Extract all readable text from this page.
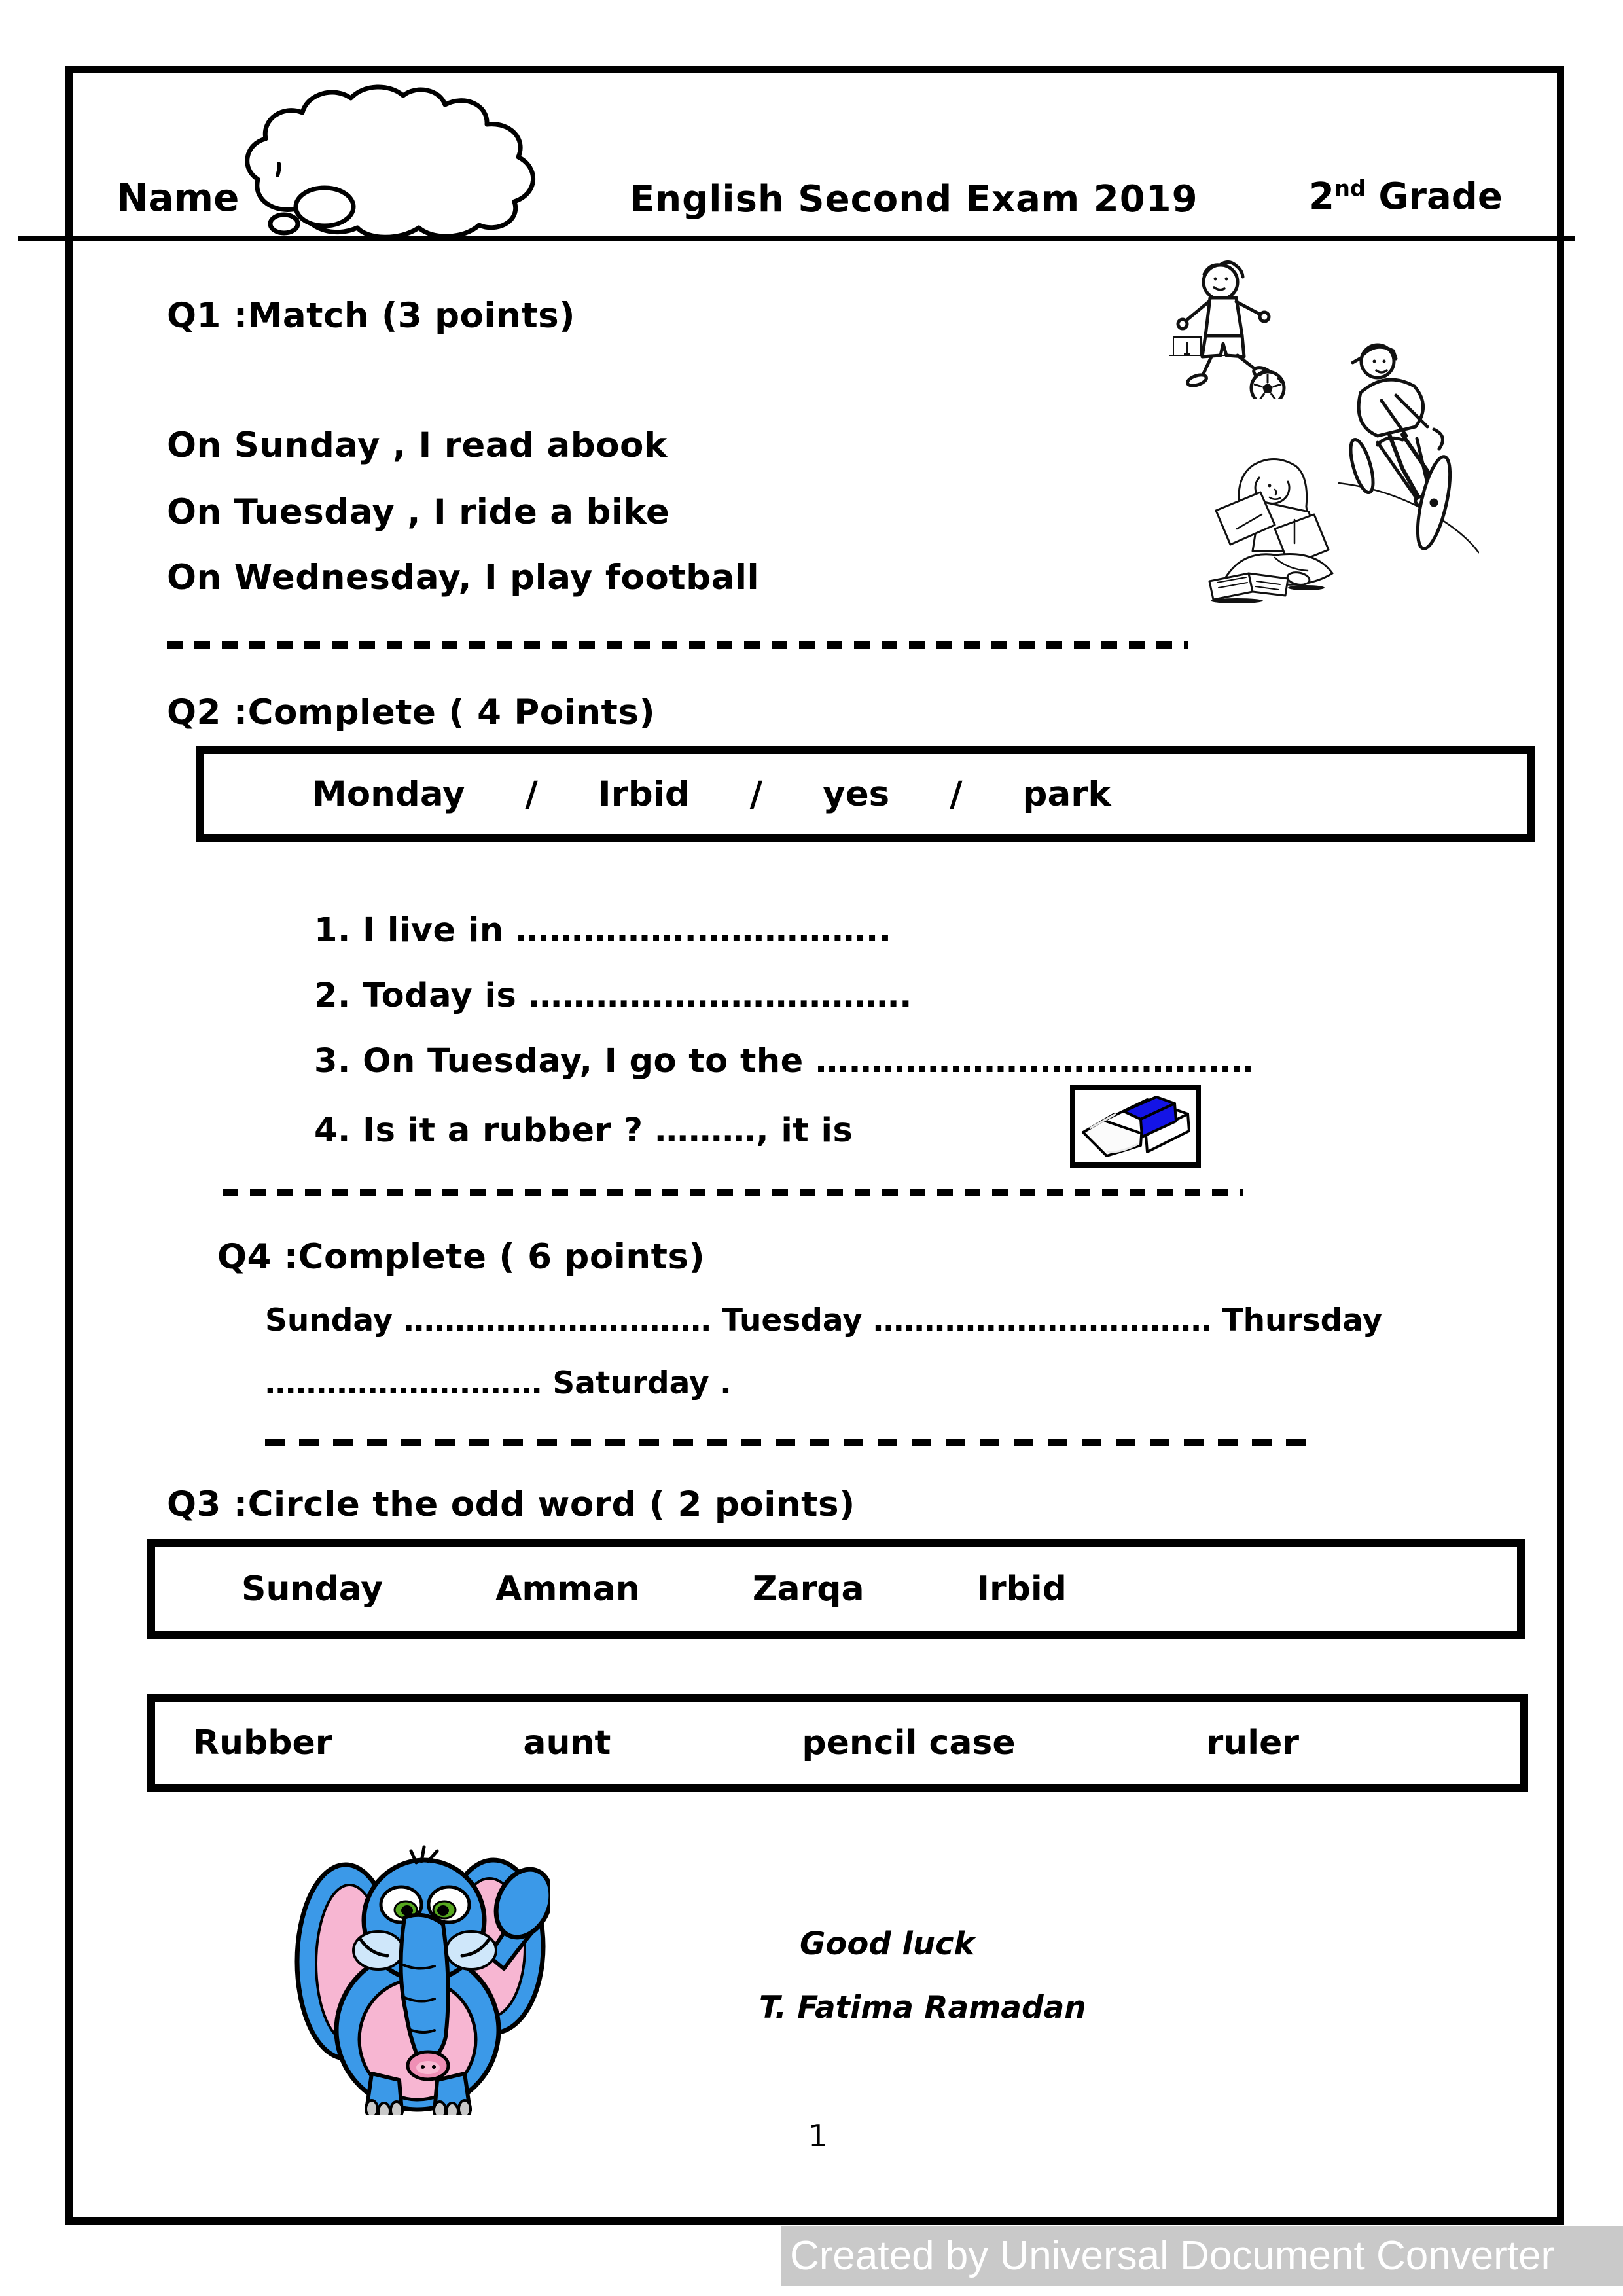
Name	English Second Exam 2019	2nd Grade
Q1 :Match (3 points)
On Sunday , I read abook
On Tuesday , I ride a bike
On Wednesday, I play football
Q2 :Complete ( 4 Points)
Monday / Irbid / yes / park
1. I live in …………….……………..
2. Today is …………………………….
3. On Tuesday, I go to the …………………………………
4. Is it a rubber ? ………, it is
Q4 :Complete ( 6 points)
Sunday ………………………… Tuesday …………………………… Thursday
……………………… Saturday .
Q3 :Circle the odd word ( 2 points)
Sunday	Amman	Zarqa	Irbid
Rubber	aunt	pencil case	ruler
Good luck
T. Fatima Ramadan
1
Created by Universal Document Converter
